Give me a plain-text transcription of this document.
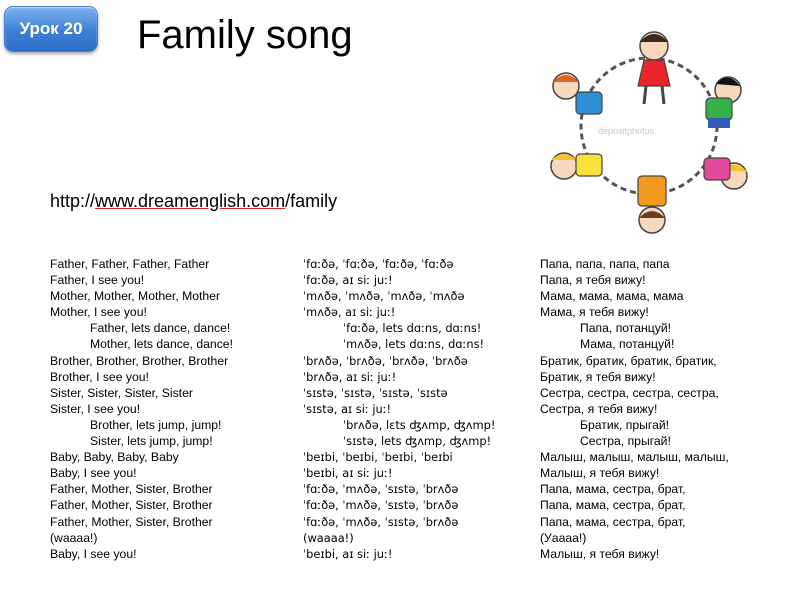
Урок 20 Family song
depositphotos
http://www.dreamenglish.com/family
Father, Father, Father, Father
Father, I see you!
Mother, Mother, Mother, Mother
Mother, I see you!
Father, lets dance, dance!
Mother, lets dance, dance!
Brother, Brother, Brother, Brother
Brother, I see you!
Sister, Sister, Sister, Sister
Sister, I see you!
Brother, lets jump, jump!
Sister, lets jump, jump!
Baby, Baby, Baby, Baby
Baby, I see you!
Father, Mother, Sister, Brother
Father, Mother, Sister, Brother
Father, Mother, Sister, Brother
(waaaa!)
Baby, I see you!
ˈfɑːðə, ˈfɑːðə, ˈfɑːðə, ˈfɑːðə
ˈfɑːðə, aɪ siː juː!
ˈmʌðə, ˈmʌðə, ˈmʌðə, ˈmʌðə
ˈmʌðə, aɪ siː juː!
ˈfɑːðə, lets dɑːns, dɑːns!
ˈmʌðə, lets dɑːns, dɑːns!
ˈbrʌðə, ˈbrʌðə, ˈbrʌðə, ˈbrʌðə
ˈbrʌðə, aɪ siː juː!
ˈsɪstə, ˈsɪstə, ˈsɪstə, ˈsɪstə
ˈsɪstə, aɪ siː juː!
ˈbrʌðə, lɛts ʤʌmp, ʤʌmp!
ˈsɪstə, lets ʤʌmp, ʤʌmp!
ˈbeɪbi, ˈbeɪbi, ˈbeɪbi, ˈbeɪbi
ˈbeɪbi, aɪ siː juː!
ˈfɑːðə, ˈmʌðə, ˈsɪstə, ˈbrʌðə
ˈfɑːðə, ˈmʌðə, ˈsɪstə, ˈbrʌðə
ˈfɑːðə, ˈmʌðə, ˈsɪstə, ˈbrʌðə
(waaaa!)
ˈbeɪbi, aɪ siː juː!
Папа, папа, папа, папа
Папа, я тебя вижу!
Мама, мама, мама, мама
Мама, я тебя вижу!
Папа, потанцуй!
Мама, потанцуй!
Братик, братик, братик, братик,
Братик, я тебя вижу!
Сестра, сестра, сестра, сестра,
Сестра, я тебя вижу!
Братик, прыгай!
Сестра, прыгай!
Малыш, малыш, малыш, малыш,
Малыш, я тебя вижу!
Папа, мама, сестра, брат,
Папа, мама, сестра, брат,
Папа, мама, сестра, брат,
(Уаааа!)
Малыш, я тебя вижу!
